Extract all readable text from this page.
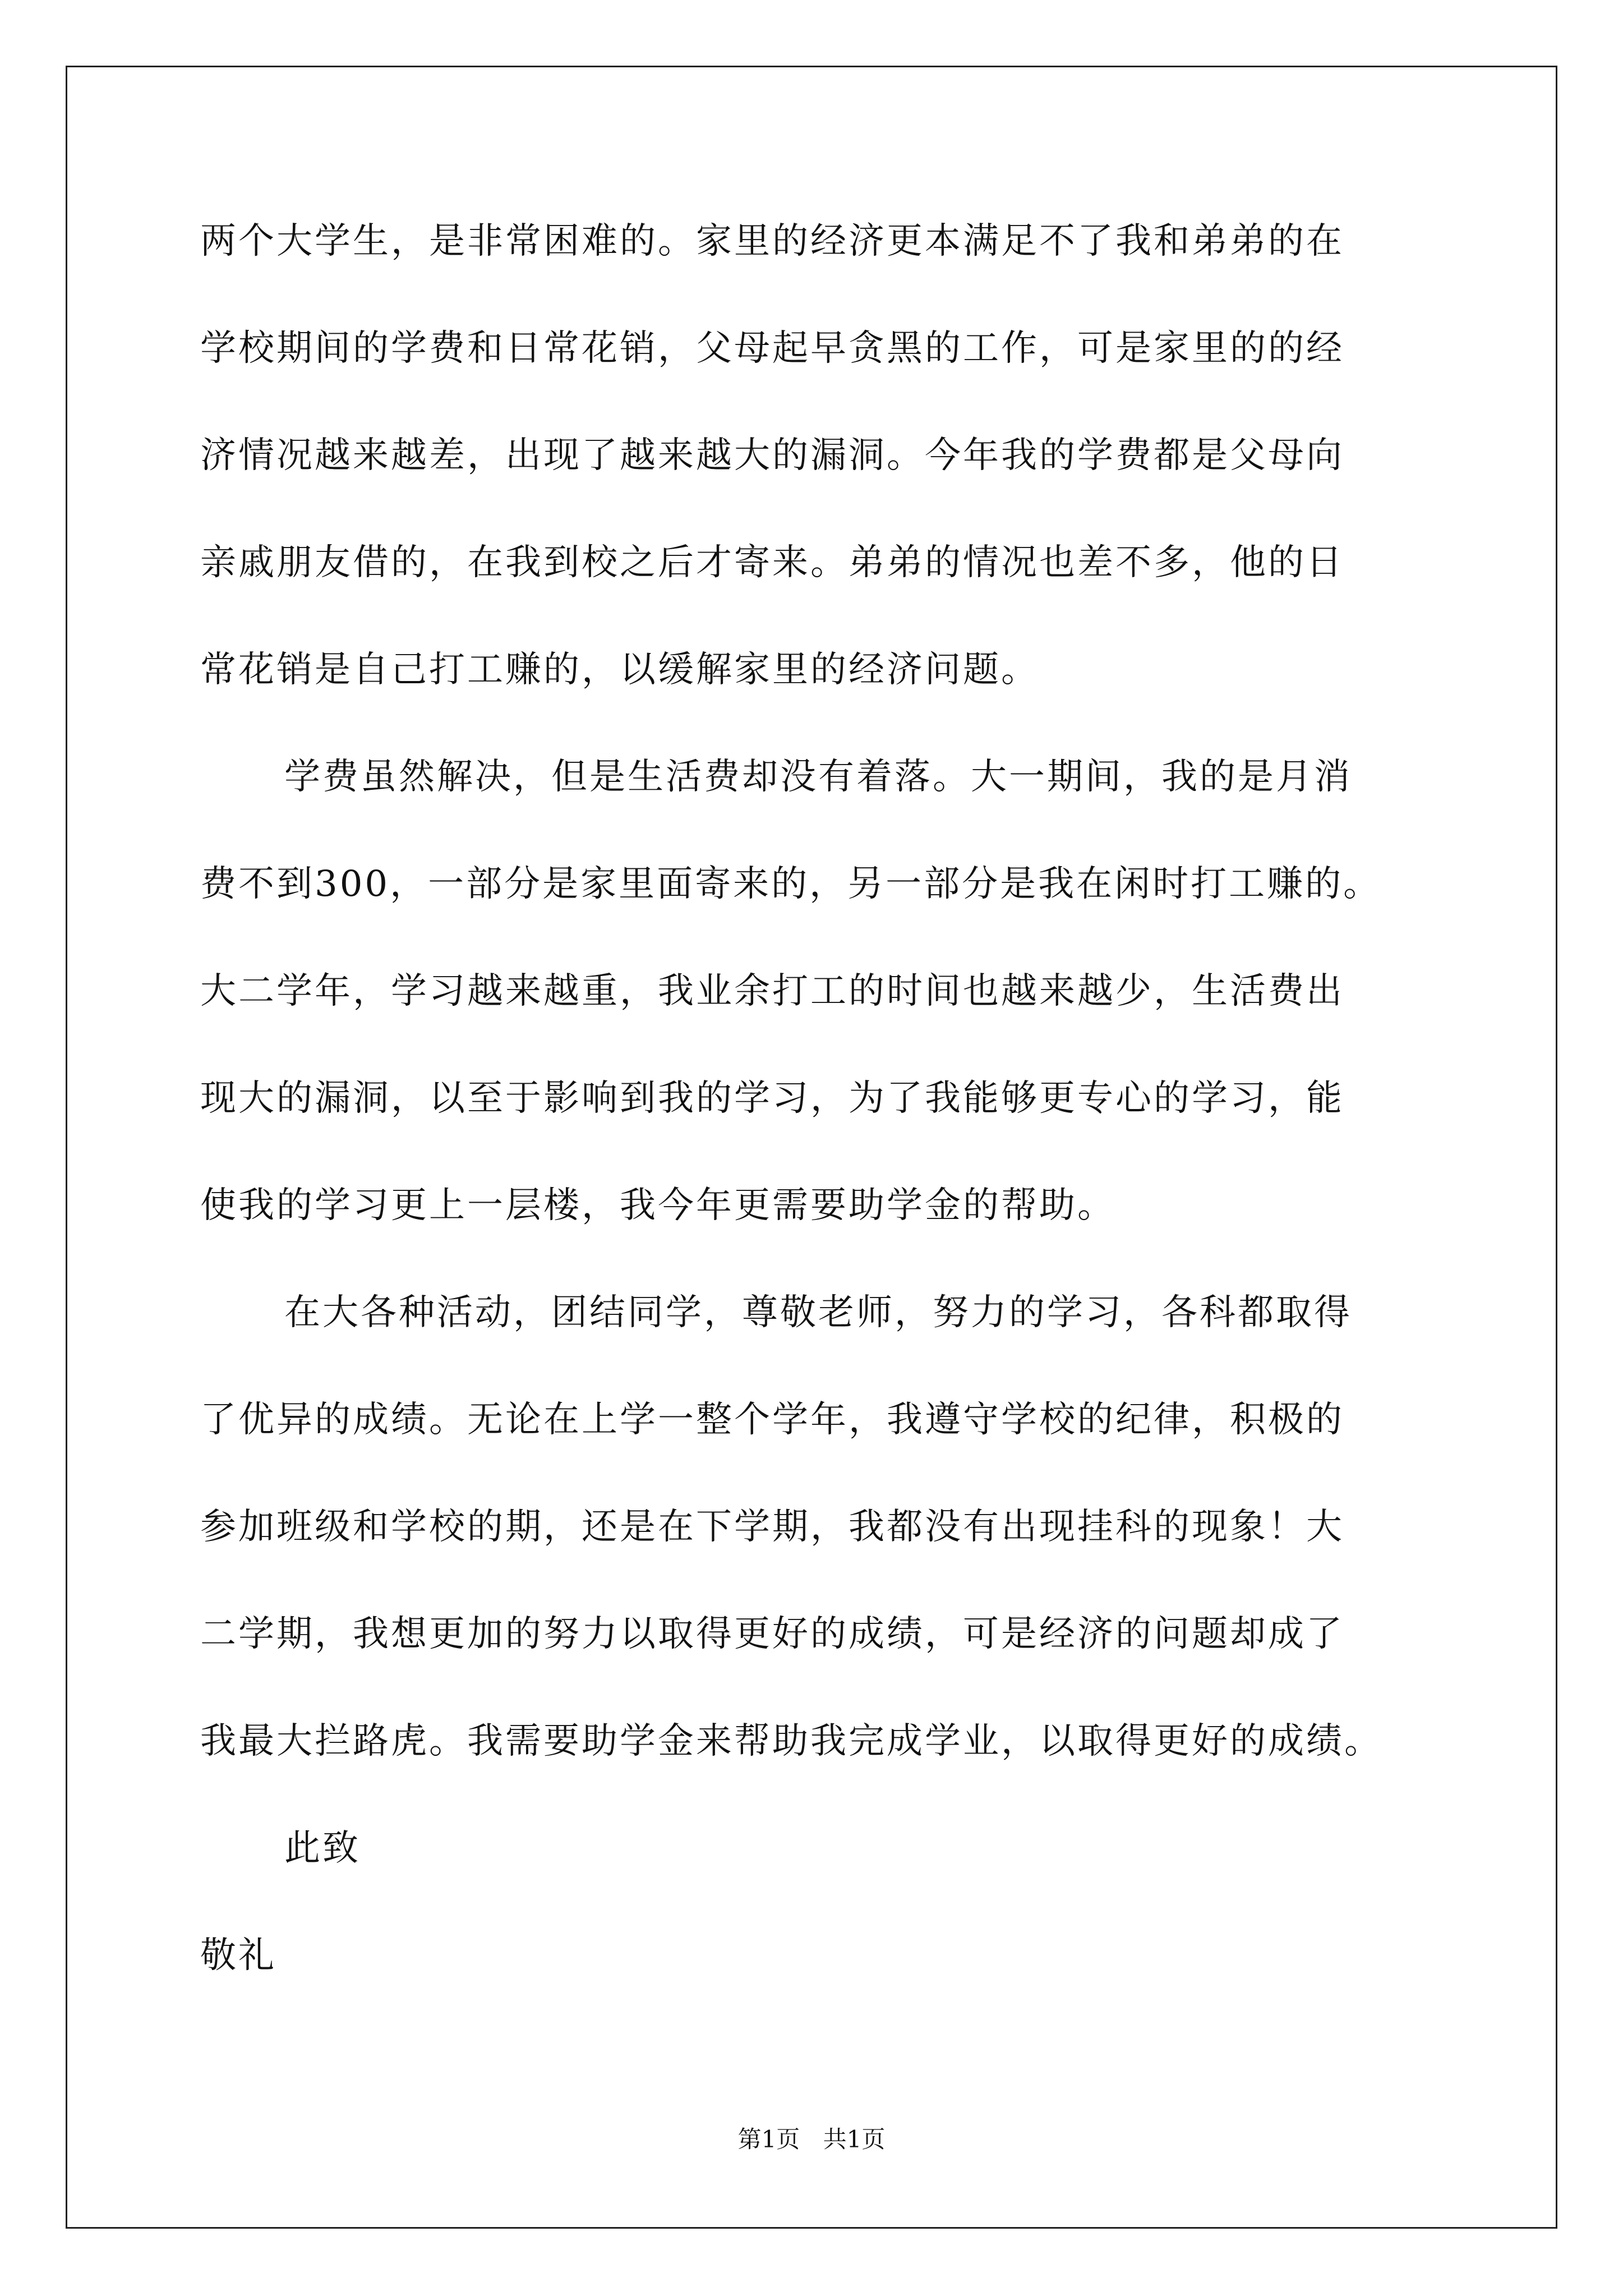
两个大学生，是非常困难的。家里的经济更本满足不了我和弟弟的在
学校期间的学费和日常花销，父母起早贪黑的工作，可是家里的的经
济情况越来越差，出现了越来越大的漏洞。今年我的学费都是父母向
亲戚朋友借的，在我到校之后才寄来。弟弟的情况也差不多，他的日
常花销是自己打工赚的，以缓解家里的经济问题。
学费虽然解决，但是生活费却没有着落。大一期间，我的是月消
费不到300，一部分是家里面寄来的，另一部分是我在闲时打工赚的。
大二学年，学习越来越重，我业余打工的时间也越来越少，生活费出
现大的漏洞，以至于影响到我的学习，为了我能够更专心的学习，能
使我的学习更上一层楼，我今年更需要助学金的帮助。
在大各种活动，团结同学，尊敬老师，努力的学习，各科都取得
了优异的成绩。无论在上学一整个学年，我遵守学校的纪律，积极的
参加班级和学校的期，还是在下学期，我都没有出现挂科的现象！大
二学期，我想更加的努力以取得更好的成绩，可是经济的问题却成了
我最大拦路虎。我需要助学金来帮助我完成学业，以取得更好的成绩。
此致
敬礼
第1页 共1页
